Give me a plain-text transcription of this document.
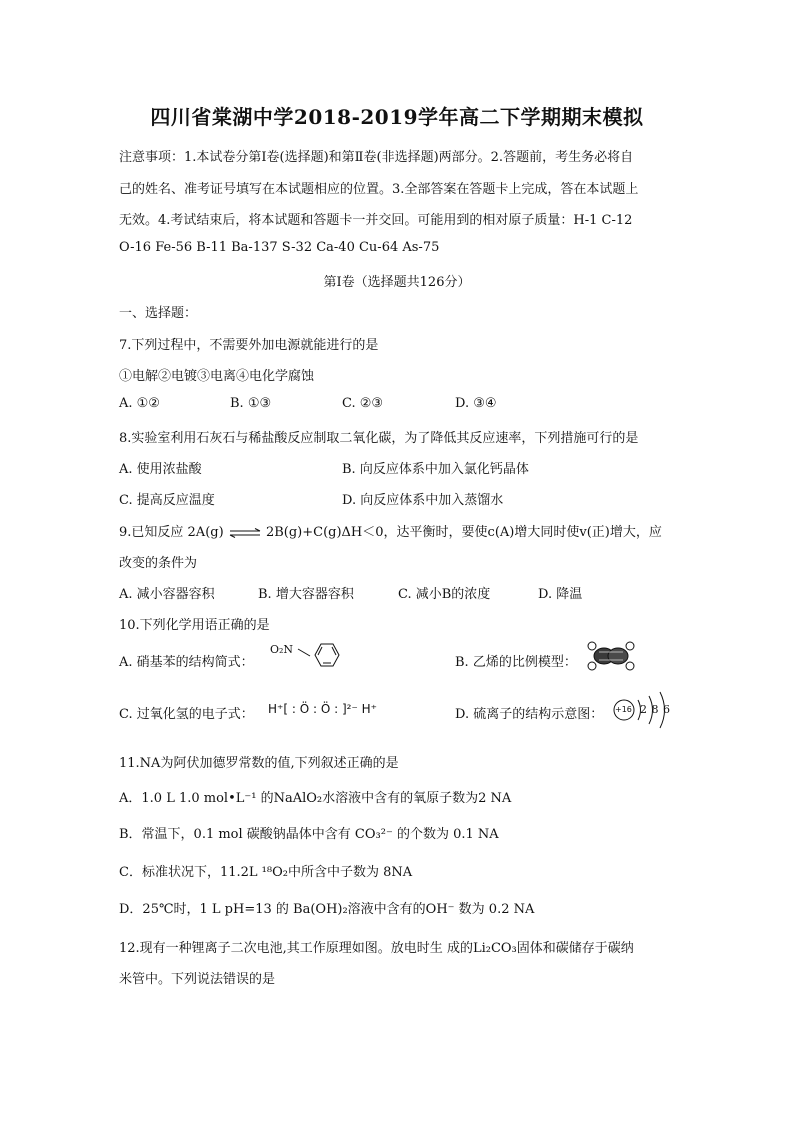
四川省棠湖中学2018-2019学年高二下学期期末模拟
注意事项：1.本试卷分第Ⅰ卷(选择题)和第Ⅱ卷(非选择题)两部分。2.答题前，考生务必将自
己的姓名、准考证号填写在本试题相应的位置。3.全部答案在答题卡上完成，答在本试题上
无效。4.考试结束后，将本试题和答题卡一并交回。可能用到的相对原子质量：H-1 C-12
O-16 Fe-56 B-11 Ba-137 S-32 Ca-40 Cu-64 As-75
第Ⅰ卷（选择题共126分）
一、选择题：
7.下列过程中，不需要外加电源就能进行的是
①电解②电镀③电离④电化学腐蚀
A. ①②	B. ①③	C. ②③	D. ③④
8.实验室利用石灰石与稀盐酸反应制取二氧化碳，为了降低其反应速率，下列措施可行的是
A. 使用浓盐酸	B. 向反应体系中加入氯化钙晶体
C. 提高反应温度	D. 向反应体系中加入蒸馏水
9.已知反应 2A(g) ⇌ 2B(g)+C(g)ΔH＜0，达平衡时，要使c(A)增大同时使v(正)增大，应
改变的条件为
A. 减小容器容积	B. 增大容器容积	C. 减小B的浓度	D. 降温
10.下列化学用语正确的是
A. 硝基苯的结构简式：
O₂N
B. 乙烯的比例模型：
C. 过氧化氢的电子式： H⁺[ : Ö : Ö : ]²⁻ H⁺	D. 硫离子的结构示意图： +16 2 8 6
11.NA为阿伏加德罗常数的值,下列叙述正确的是
A．1.0 L 1.0 mol•L⁻¹ 的NaAlO₂水溶液中含有的氧原子数为2 NA
B．常温下，0.1 mol 碳酸钠晶体中含有 CO₃²⁻ 的个数为 0.1 NA
C．标准状况下，11.2L ¹⁸O₂中所含中子数为 8NA
D．25℃时，1 L pH=13 的 Ba(OH)₂溶液中含有的OH⁻ 数为 0.2 NA
12.现有一种锂离子二次电池,其工作原理如图。放电时生 成的Li₂CO₃固体和碳储存于碳纳
米管中。下列说法错误的是
